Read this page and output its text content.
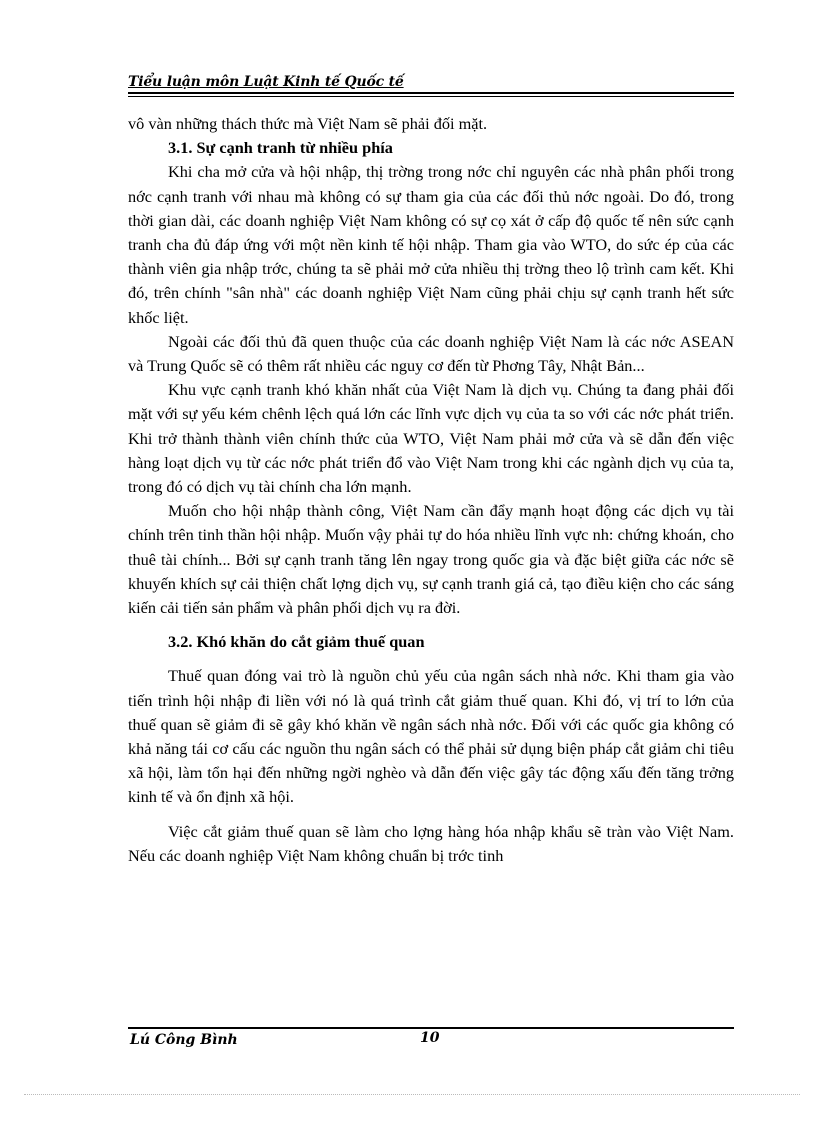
Tiểu luận môn Luật Kinh tế Quốc tế

vô vàn những thách thức mà Việt Nam sẽ phải đối mặt.

3.1. Sự cạnh tranh từ nhiều phía

Khi cha mở cửa và hội nhập, thị trờng trong nớc chỉ nguyên các nhà phân phối trong nớc cạnh tranh với nhau mà không có sự tham gia của các đối thủ nớc ngoài. Do đó, trong thời gian dài, các doanh nghiệp Việt Nam không có sự cọ xát ở cấp độ quốc tế nên sức cạnh tranh cha đủ đáp ứng với một nền kinh tế hội nhập. Tham gia vào WTO, do sức ép của các thành viên gia nhập trớc, chúng ta sẽ phải mở cửa nhiều thị trờng theo lộ trình cam kết. Khi đó, trên chính "sân nhà" các doanh nghiệp Việt Nam cũng phải chịu sự cạnh tranh hết sức khốc liệt.

Ngoài các đối thủ đã quen thuộc của các doanh nghiệp Việt Nam là các nớc ASEAN và Trung Quốc sẽ có thêm rất nhiều các nguy cơ đến từ Phơng Tây, Nhật Bản...

Khu vực cạnh tranh khó khăn nhất của Việt Nam là dịch vụ. Chúng ta đang phải đối mặt với sự yếu kém chênh lệch quá lớn các lĩnh vực dịch vụ của ta so với các nớc phát triển. Khi trở thành thành viên chính thức của WTO, Việt Nam phải mở cửa và sẽ dẫn đến việc hàng loạt dịch vụ từ các nớc phát triển đổ vào Việt Nam trong khi các ngành dịch vụ của ta, trong đó có dịch vụ tài chính cha lớn mạnh.

Muốn cho hội nhập thành công, Việt Nam cần đẩy mạnh hoạt động các dịch vụ tài chính trên tinh thần hội nhập. Muốn vậy phải tự do hóa nhiều lĩnh vực nh: chứng khoán, cho thuê tài chính... Bởi sự cạnh tranh tăng lên ngay trong quốc gia và đặc biệt giữa các nớc sẽ khuyến khích sự cải thiện chất lợng dịch vụ, sự cạnh tranh giá cả, tạo điều kiện cho các sáng kiến cải tiến sản phẩm và phân phối dịch vụ ra đời.

3.2. Khó khăn do cắt giảm thuế quan

Thuế quan đóng vai trò là nguồn chủ yếu của ngân sách nhà nớc. Khi tham gia vào tiến trình hội nhập đi liền với nó là quá trình cắt giảm thuế quan. Khi đó, vị trí to lớn của thuế quan sẽ giảm đi sẽ gây khó khăn về ngân sách nhà nớc. Đối với các quốc gia không có khả năng tái cơ cấu các nguồn thu ngân sách có thể phải sử dụng biện pháp cắt giảm chi tiêu xã hội, làm tổn hại đến những ngời nghèo và dẫn đến việc gây tác động xấu đến tăng trởng kinh tế và ổn định xã hội.

Việc cắt giảm thuế quan sẽ làm cho lợng hàng hóa nhập khẩu sẽ tràn vào Việt Nam. Nếu các doanh nghiệp Việt Nam không chuẩn bị trớc tinh

Lú Công Bình	10
